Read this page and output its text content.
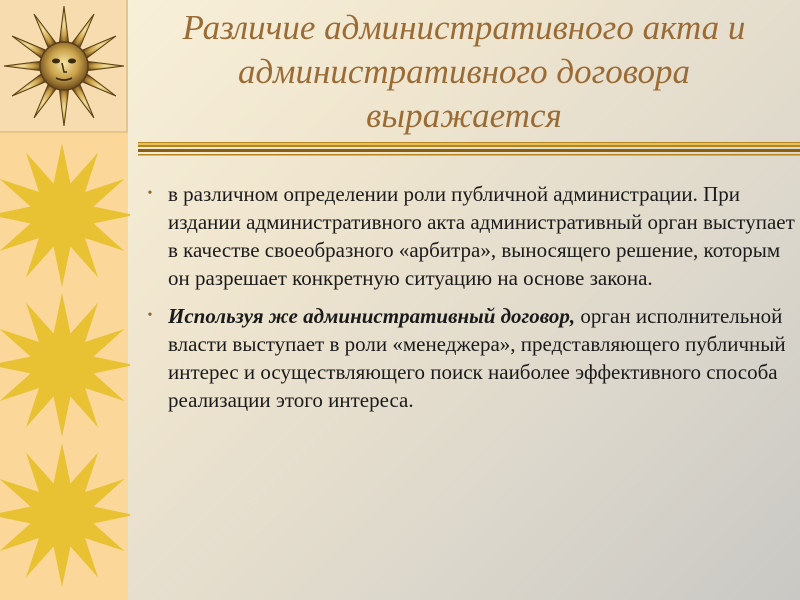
Различие административного акта и
административного договора
выражается
• в различном определении роли публичной администрации. При издании административного акта административный орган выступает в качестве своеобразного «арбитра», выносящего решение, которым он разрешает конкретную ситуацию на основе закона.
• Используя же административный договор, орган исполнительной власти выступает в роли «менеджера», представляющего публичный интерес и осуществляющего поиск наиболее эффективного способа реализации этого интереса.
